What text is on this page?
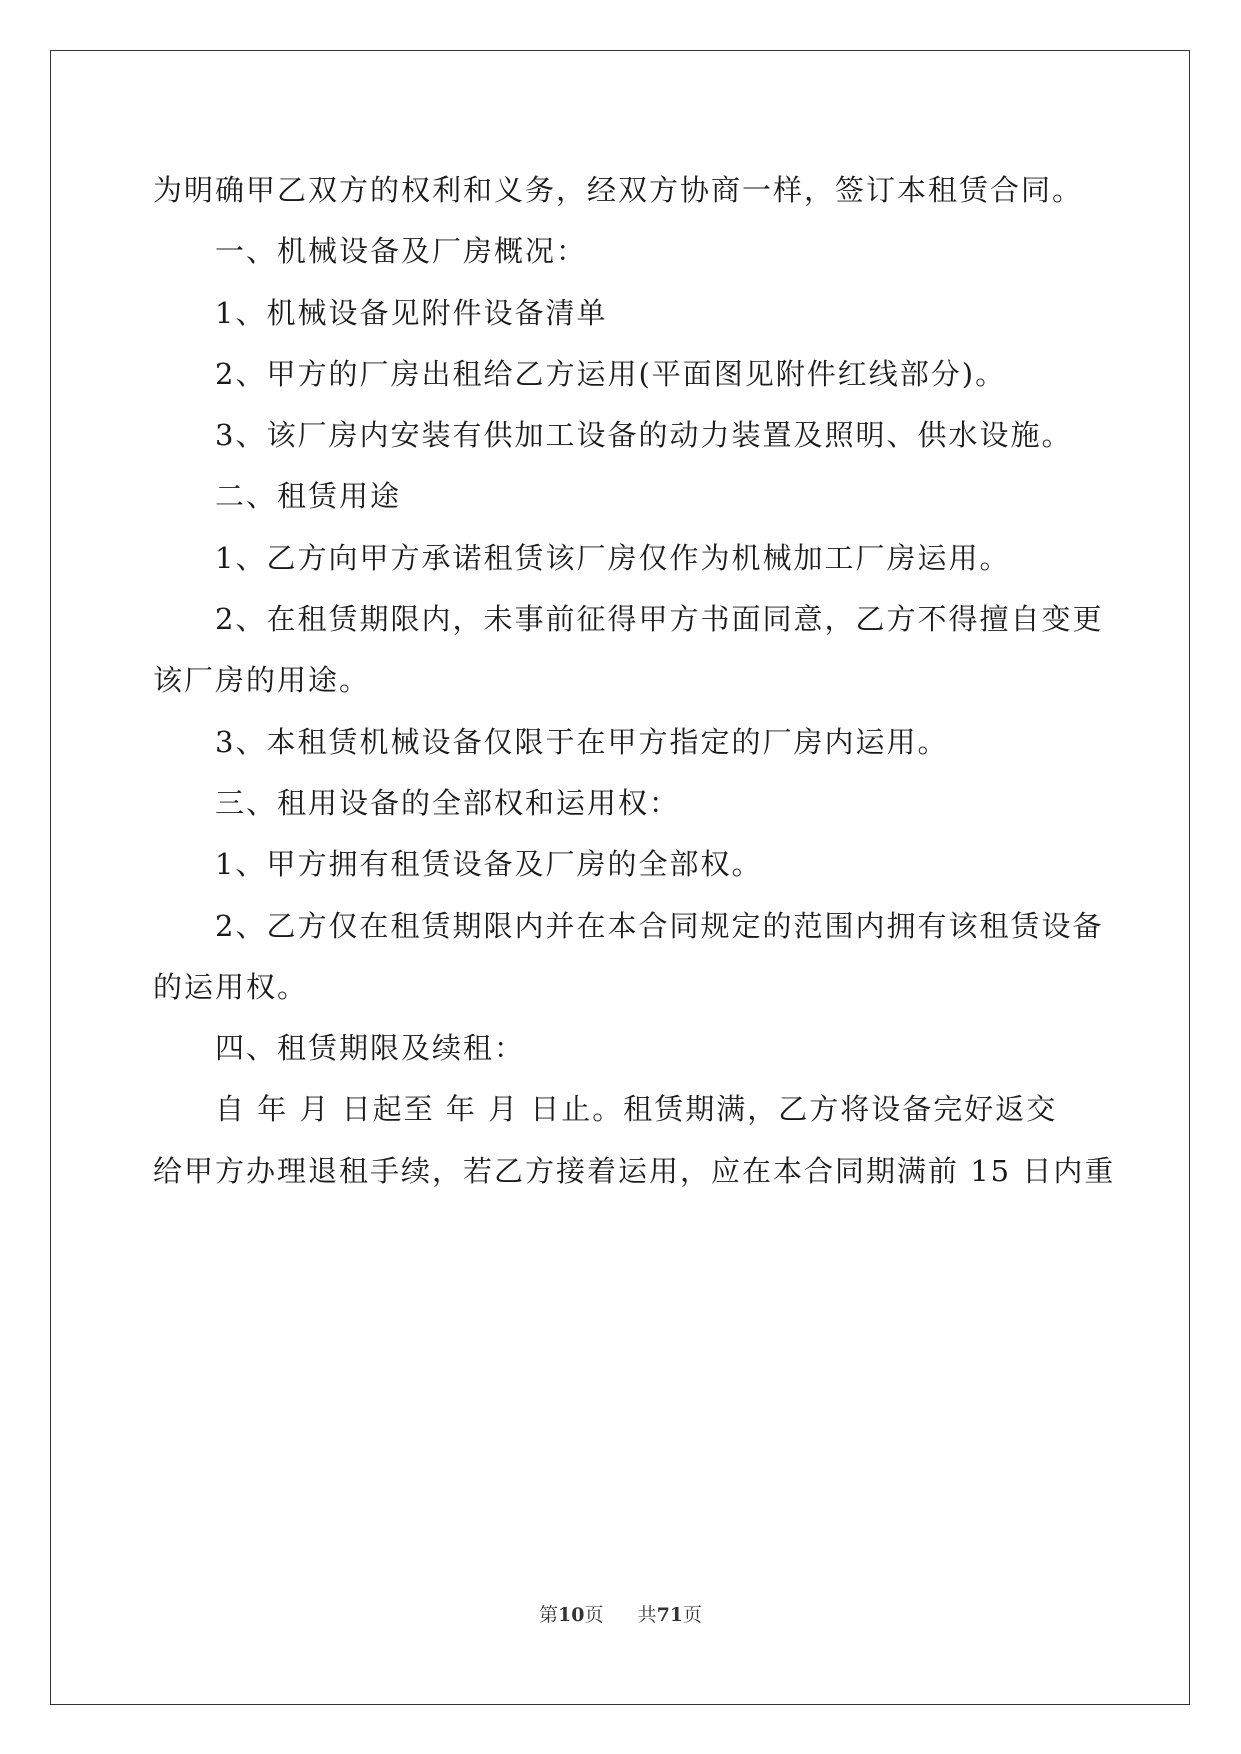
为明确甲乙双方的权利和义务，经双方协商一样，签订本租赁合同。

一、机械设备及厂房概况：

1、机械设备见附件设备清单

2、甲方的厂房出租给乙方运用(平面图见附件红线部分)。

3、该厂房内安装有供加工设备的动力装置及照明、供水设施。

二、租赁用途

1、乙方向甲方承诺租赁该厂房仅作为机械加工厂房运用。

2、在租赁期限内，未事前征得甲方书面同意，乙方不得擅自变更

该厂房的用途。

3、本租赁机械设备仅限于在甲方指定的厂房内运用。

三、租用设备的全部权和运用权：

1、甲方拥有租赁设备及厂房的全部权。

2、乙方仅在租赁期限内并在本合同规定的范围内拥有该租赁设备

的运用权。

四、租赁期限及续租：

自 年 月 日起至 年 月 日止。租赁期满，乙方将设备完好返交

给甲方办理退租手续，若乙方接着运用，应在本合同期满前 15 日内重

第10页 共71页
